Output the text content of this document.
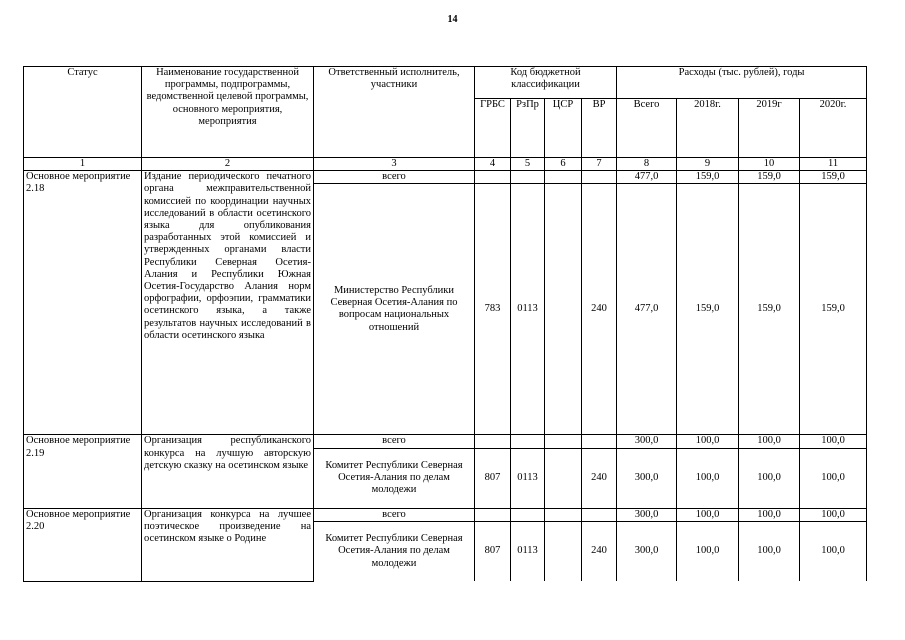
14
Статус	Наименование государственной программы, подпрограммы, ведомственной целевой программы, основного мероприятия, мероприятия	Ответственный исполнитель, участники	Код бюджетной классификации				Расходы (тыс. рублей), годы			
			ГРБС	РзПр	ЦСР	ВР	Всего	2018г.	2019г	2020г.
1	2	3	4	5	6	7	8	9	10	11
Основное мероприятие 2.18	Издание периодического печатного органа межправительственной комиссией по координации научных исследований в области осетинского языка для опубликования разработанных этой комиссией и утвержденных органами власти Республики Северная Осетия-Алания и Республики Южная Осетия-Государство Алания норм орфографии, орфоэпии, грамматики осетинского языка, а также результатов научных исследований в области осетинского языка	всего					477,0	159,0	159,0	159,0
		Министерство Республики Северная Осетия-Алания по вопросам национальных отношений	783	0113		240	477,0	159,0	159,0	159,0
Основное мероприятие 2.19	Организация республиканского конкурса на лучшую авторскую детскую сказку на осетинском языке	всего					300,0	100,0	100,0	100,0
		Комитет Республики Северная Осетия-Алания по делам молодежи	807	0113		240	300,0	100,0	100,0	100,0
Основное мероприятие 2.20	Организация конкурса на лучшее поэтическое произведение на осетинском языке о Родине	всего					300,0	100,0	100,0	100,0
		Комитет Республики Северная Осетия-Алания по делам молодежи	807	0113		240	300,0	100,0	100,0	100,0
